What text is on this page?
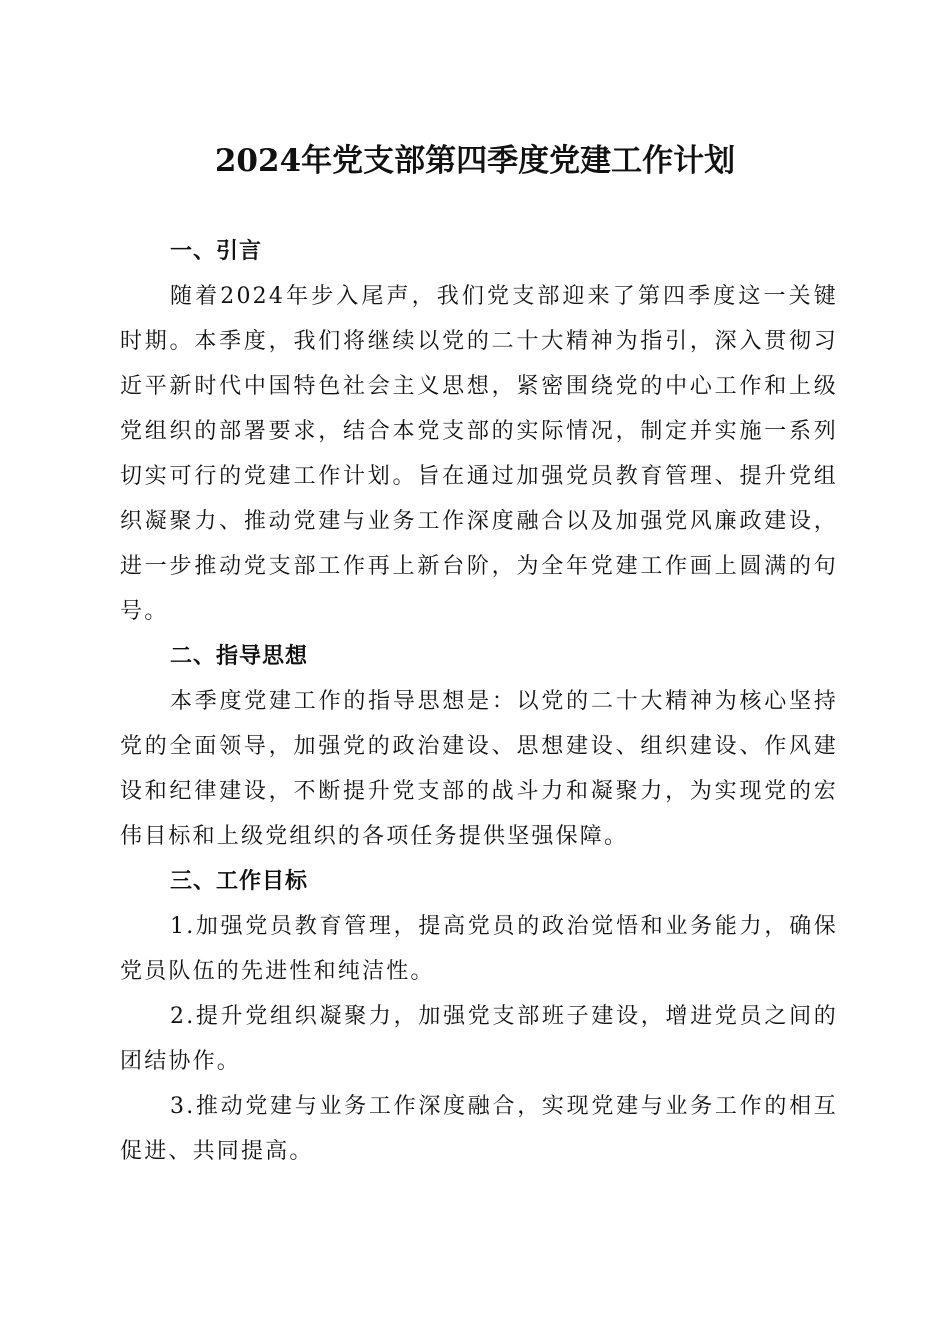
2024年党支部第四季度党建工作计划
一、引言

随着2024年步入尾声，我们党支部迎来了第四季度这一关键时期。本季度，我们将继续以党的二十大精神为指引，深入贯彻习近平新时代中国特色社会主义思想，紧密围绕党的中心工作和上级党组织的部署要求，结合本党支部的实际情况，制定并实施一系列切实可行的党建工作计划。旨在通过加强党员教育管理、提升党组织凝聚力、推动党建与业务工作深度融合以及加强党风廉政建设，进一步推动党支部工作再上新台阶，为全年党建工作画上圆满的句号。

二、指导思想

本季度党建工作的指导思想是：以党的二十大精神为核心坚持党的全面领导，加强党的政治建设、思想建设、组织建设、作风建设和纪律建设，不断提升党支部的战斗力和凝聚力，为实现党的宏伟目标和上级党组织的各项任务提供坚强保障。

三、工作目标

1.加强党员教育管理，提高党员的政治觉悟和业务能力，确保党员队伍的先进性和纯洁性。

2.提升党组织凝聚力，加强党支部班子建设，增进党员之间的团结协作。

3.推动党建与业务工作深度融合，实现党建与业务工作的相互促进、共同提高。
